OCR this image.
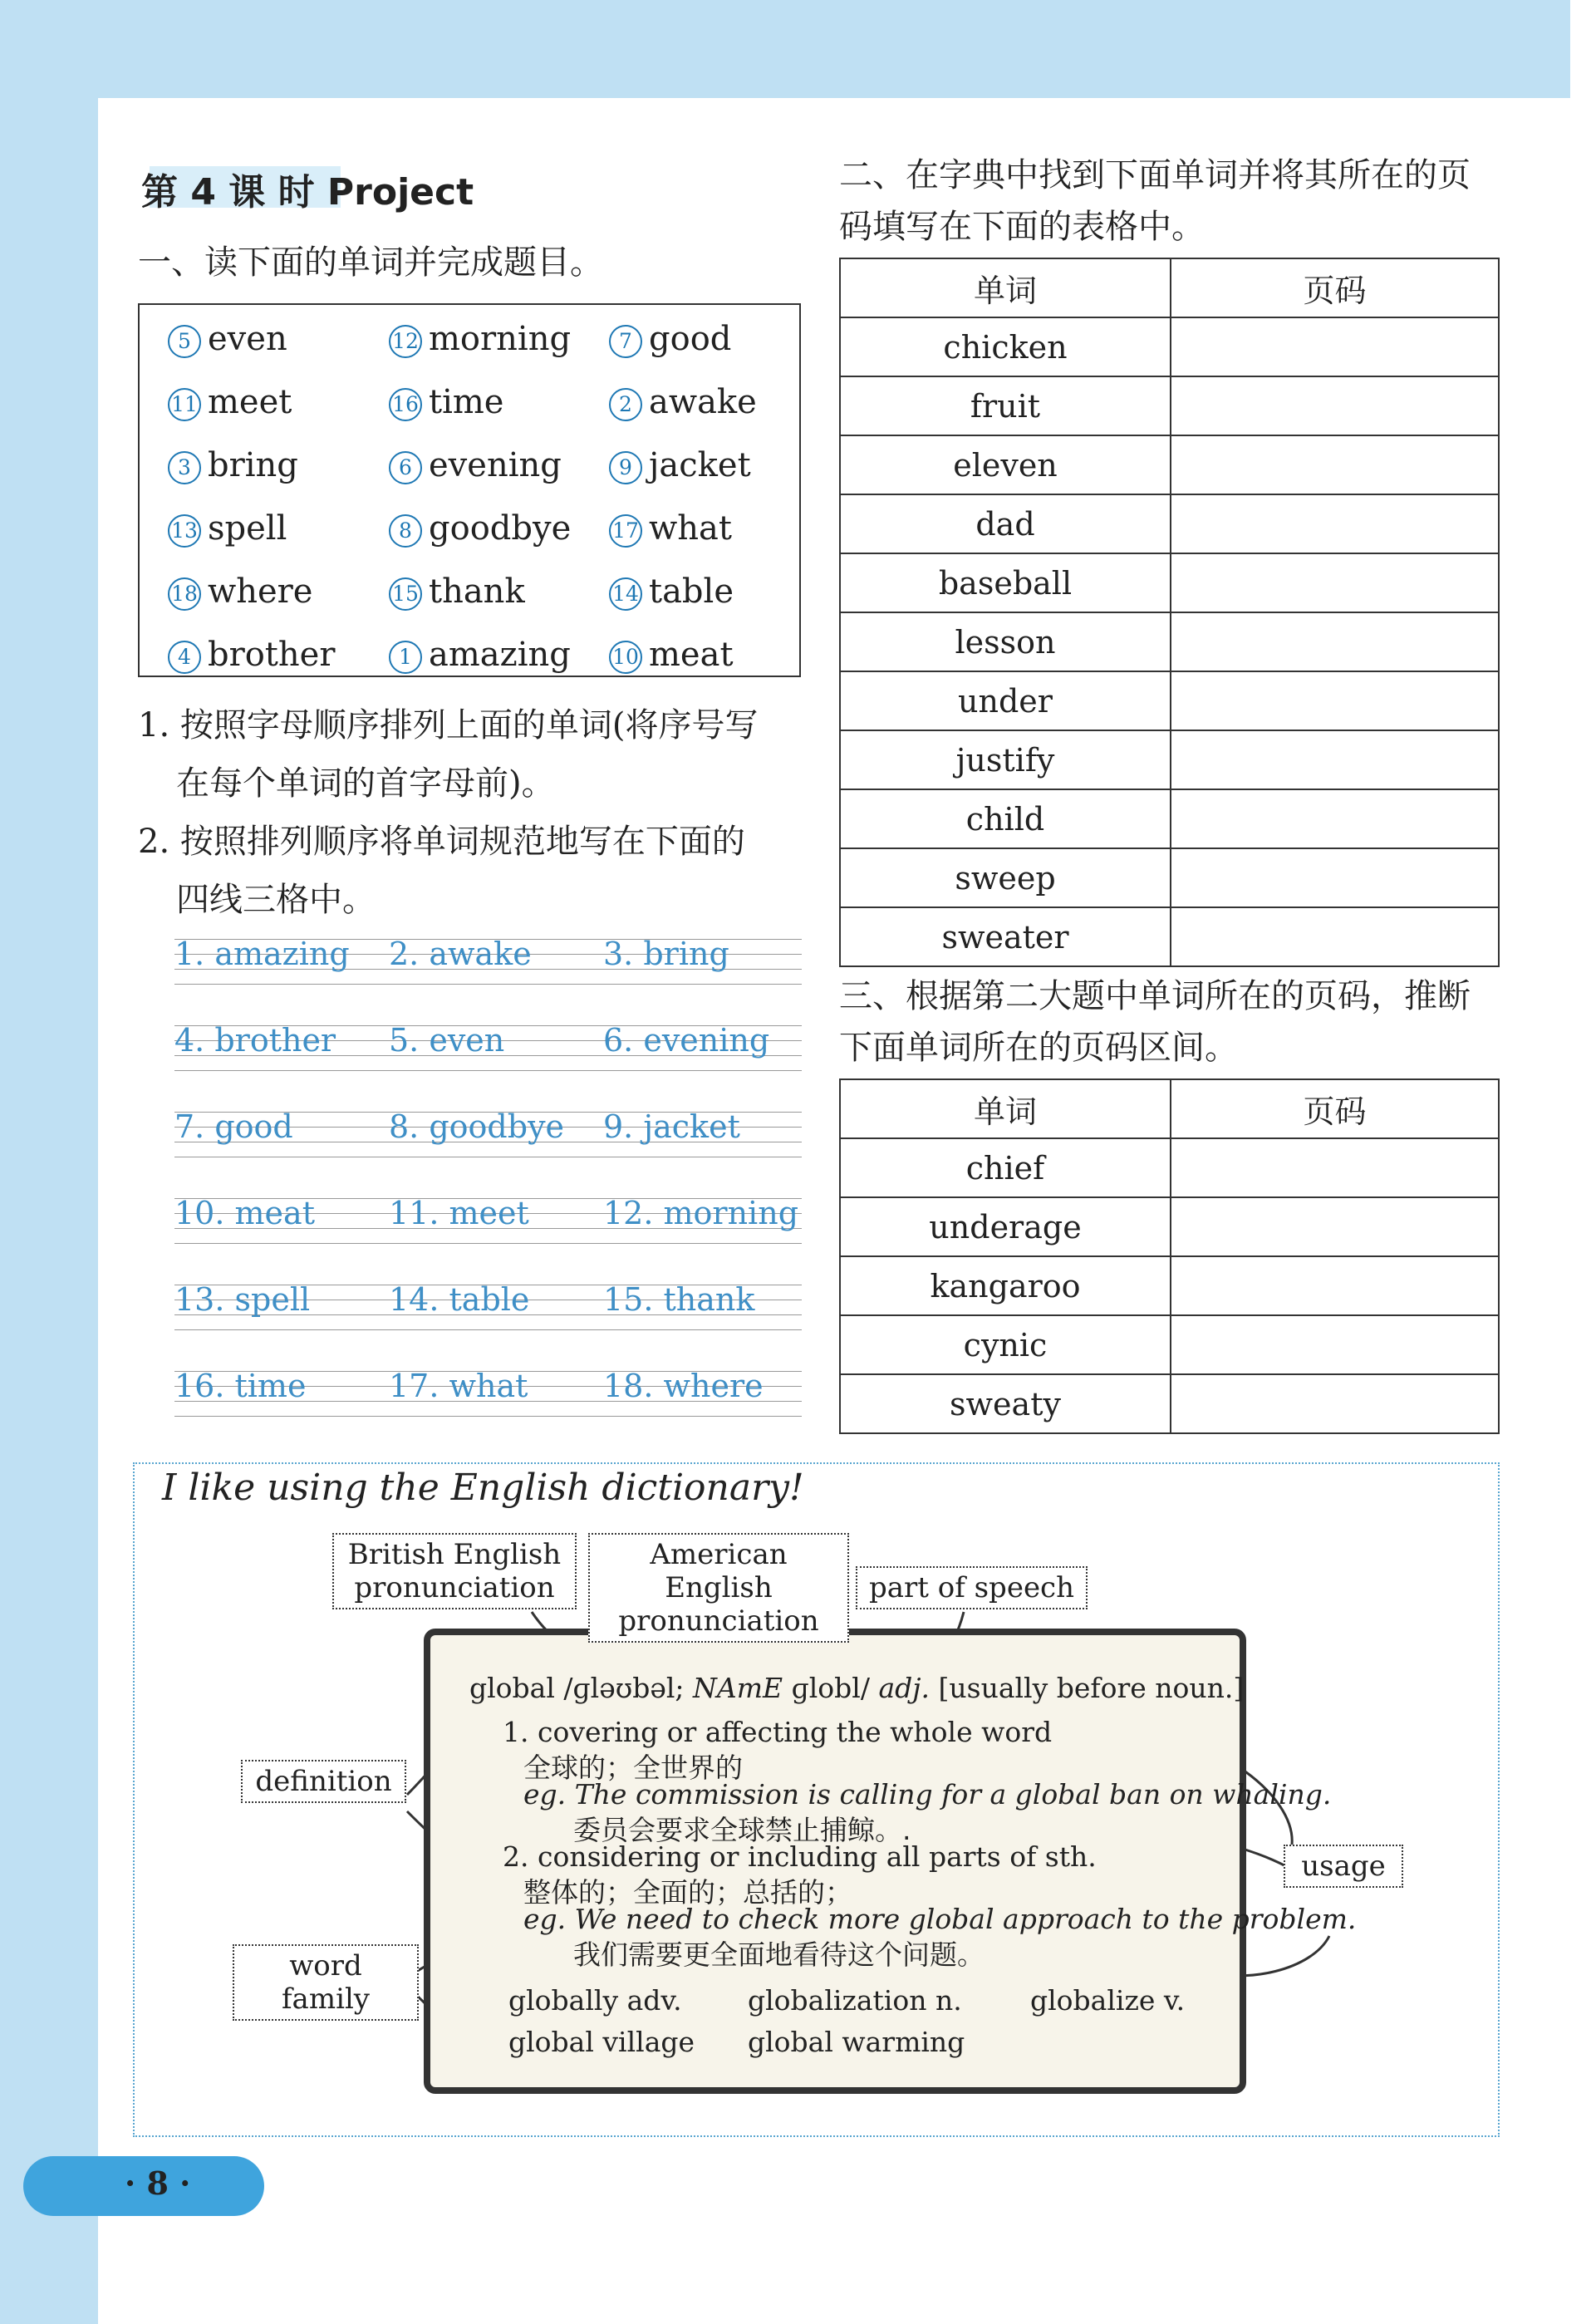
第 4 课 时 Project
一、读下面的单词并完成题目。
5 even	12 morning	7 good
11 meet	16 time	2 awake
3 bring	6 evening	9 jacket
13 spell	8 goodbye 17 what
18 where	15 thank	14 table
4 brother	1 amazing 10 meat
1. 按照字母顺序排列上面的单词(将序号写
在每个单词的首字母前)。
2. 按照排列顺序将单词规范地写在下面的
四线三格中。
1. amazing 2. awake 3. bring
4. brother 5. even	6. evening
7. good	8. goodbye 9. jacket
10. meat 11. meet 12. morning
13. spell 14. table 15. thank
16. time	17. what 18. where
二、在字典中找到下面单词并将其所在的页
码填写在下面的表格中。
单词	页码
chicken	
fruit	
eleven	
dad	
baseball	
lesson	
under	
justify	
child	
sweep	
sweater	
三、根据第二大题中单词所在的页码，推断
下面单词所在的页码区间。
单词	页码
chief	
underage	
kangaroo	
cynic	
sweaty	
I like using the English dictionary!
British English
pronunciation
American English
pronunciation
part of speech
definition
usage
word family
global /ɡləʊbəl; NAmE ɡlobl/ adj. [usually before noun.]
1. covering or affecting the whole word
全球的；全世界的
eg. The commission is calling for a global ban on whaling.
委员会要求全球禁止捕鲸。.
2. considering or including all parts of sth.
整体的；全面的；总括的；
eg. We need to check more global approach to the problem.
我们需要更全面地看待这个问题。
globally adv. globalization n. globalize v.
global village global warming
· 8 ·
